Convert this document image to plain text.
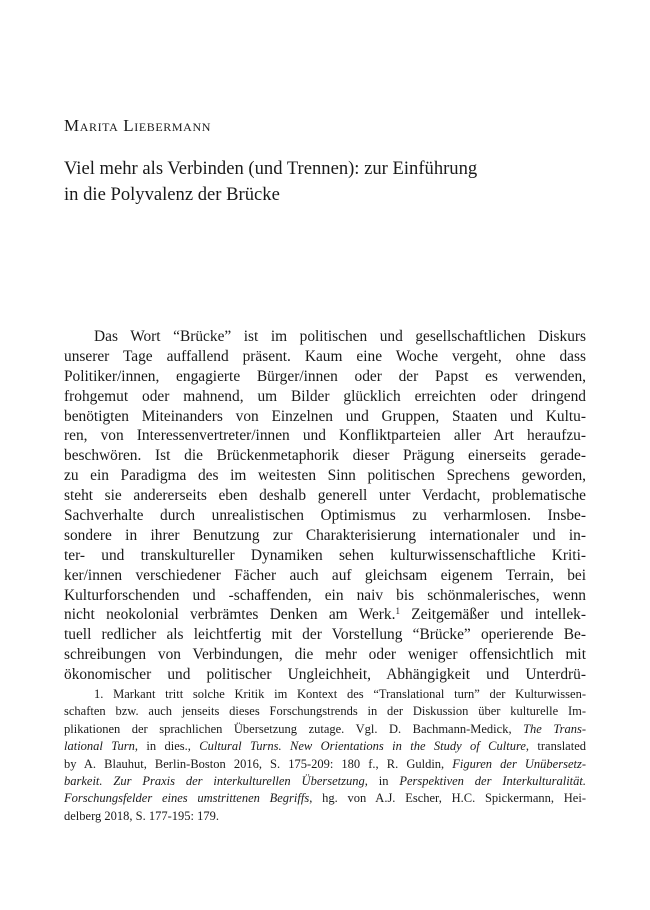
Marita Liebermann
Viel mehr als Verbinden (und Trennen): zur Einführung
in die Polyvalenz der Brücke
Das Wort “Brücke” ist im politischen und gesellschaftlichen Diskurs
unserer Tage auffallend präsent. Kaum eine Woche vergeht, ohne dass
Politiker/innen, engagierte Bürger/innen oder der Papst es verwenden,
frohgemut oder mahnend, um Bilder glücklich erreichten oder dringend
benötigten Miteinanders von Einzelnen und Gruppen, Staaten und Kultu-
ren, von Interessenvertreter/innen und Konfliktparteien aller Art heraufzu-
beschwören. Ist die Brückenmetaphorik dieser Prägung einerseits gerade-
zu ein Paradigma des im weitesten Sinn politischen Sprechens geworden,
steht sie andererseits eben deshalb generell unter Verdacht, problematische
Sachverhalte durch unrealistischen Optimismus zu verharmlosen. Insbe-
sondere in ihrer Benutzung zur Charakterisierung internationaler und in-
ter- und transkultureller Dynamiken sehen kulturwissenschaftliche Kriti-
ker/innen verschiedener Fächer auch auf gleichsam eigenem Terrain, bei
Kulturforschenden und -schaffenden, ein naiv bis schönmalerisches, wenn
nicht neokolonial verbrämtes Denken am Werk.$^1$ Zeitgemäßer und intellek-
tuell redlicher als leichtfertig mit der Vorstellung “Brücke” operierende Be-
schreibungen von Verbindungen, die mehr oder weniger offensichtlich mit
ökonomischer und politischer Ungleichheit, Abhängigkeit und Unterdrü-
1. Markant tritt solche Kritik im Kontext des “Translational turn” der Kulturwissen-
schaften bzw. auch jenseits dieses Forschungstrends in der Diskussion über kulturelle Im-
plikationen der sprachlichen Übersetzung zutage. Vgl. D. Bachmann-Medick, The Trans-
lational Turn, in dies., Cultural Turns. New Orientations in the Study of Culture, translated
by A. Blauhut, Berlin-Boston 2016, S. 175-209: 180 f., R. Guldin, Figuren der Unübersetz-
barkeit. Zur Praxis der interkulturellen Übersetzung, in Perspektiven der Interkulturalität.
Forschungsfelder eines umstrittenen Begriffs, hg. von A.J. Escher, H.C. Spickermann, Hei-
delberg 2018, S. 177-195: 179.
